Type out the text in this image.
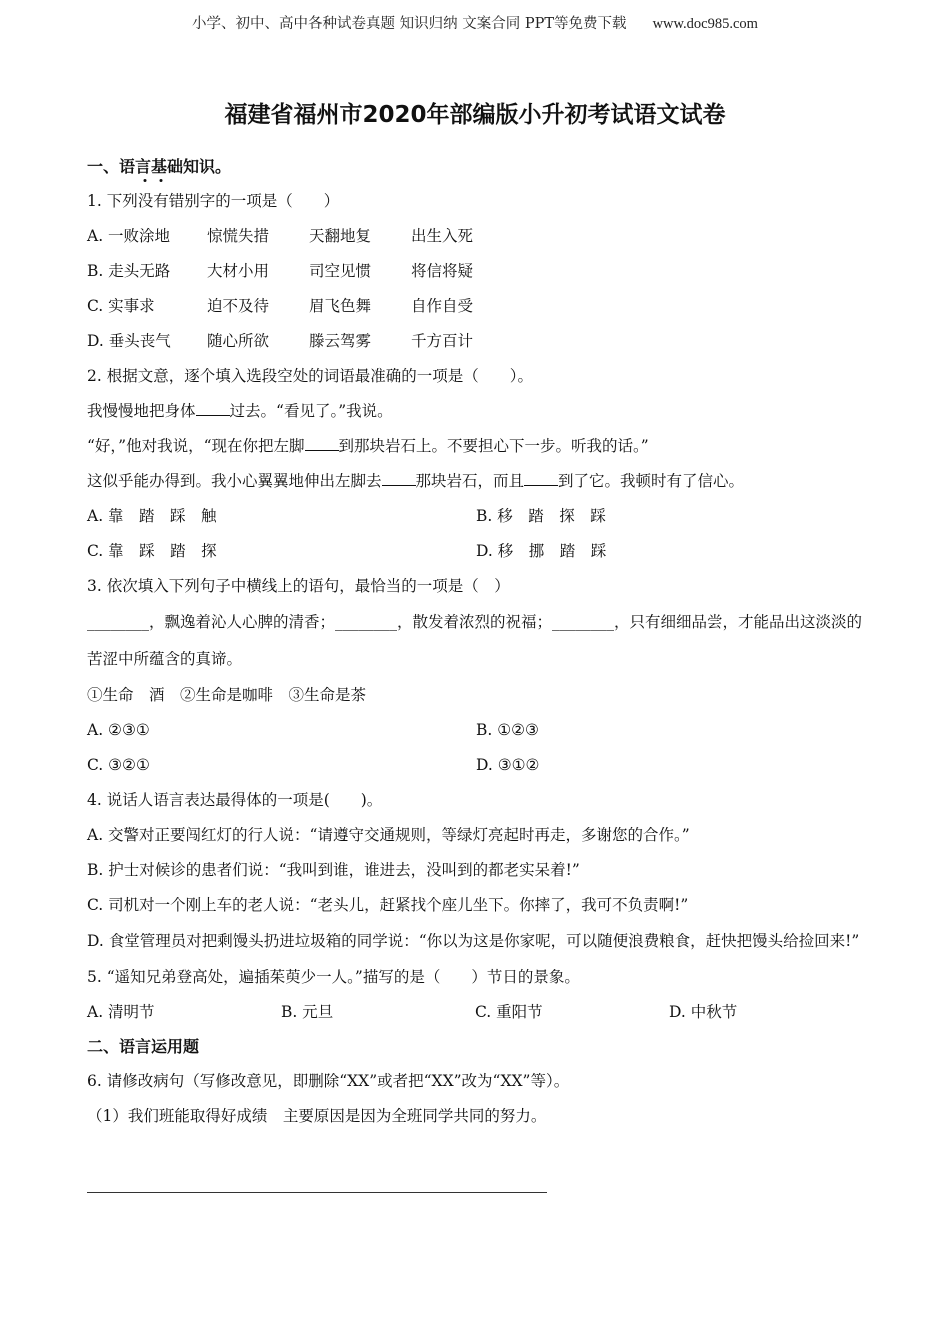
小学、初中、高中各种试卷真题 知识归纳 文案合同 PPT等免费下载 www.doc985.com
福建省福州市2020年部编版小升初考试语文试卷
一、语言基础知识。
1. 下列没有错别字的一项是（　　）
A. 一败涂地	惊慌失措	天翻地复	出生入死
B. 走头无路	大材小用	司空见惯	将信将疑
C. 实事求	迫不及待	眉飞色舞	自作自受
D. 垂头丧气	随心所欲	滕云驾雾	千方百计
2. 根据文意，逐个填入选段空处的词语最准确的一项是（　　）。
我慢慢地把身体 过去。“看见了。”我说。
“好，”他对我说，“现在你把左脚 到那块岩石上。不要担心下一步。听我的话。”
这似乎能办得到。我小心翼翼地伸出左脚去 那块岩石，而且 到了它。我顿时有了信心。
A. 靠　踏　踩　触	B. 移　踏　探　踩
C. 靠　踩　踏　探	D. 移　挪　踏　踩
3. 依次填入下列句子中横线上的语句，最恰当的一项是（　）
________，飘逸着沁人心脾的清香；________，散发着浓烈的祝福；________，只有细细品尝，才能品出这淡淡的苦涩中所蕴含的真谛。
①生命　酒　②生命是咖啡　③生命是茶
A. ②③①	B. ①②③
C. ③②①	D. ③①②
4. 说话人语言表达最得体的一项是(　　)。
A. 交警对正要闯红灯的行人说：“请遵守交通规则，等绿灯亮起时再走，多谢您的合作。”
B. 护士对候诊的患者们说：“我叫到谁，谁进去，没叫到的都老实呆着!”
C. 司机对一个刚上车的老人说：“老头儿，赶紧找个座儿坐下。你摔了，我可不负责啊!”
D. 食堂管理员对把剩馒头扔进垃圾箱的同学说：“你以为这是你家呢，可以随便浪费粮食，赶快把馒头给捡回来!”
5. “遥知兄弟登高处，遍插茱萸少一人。”描写的是（　　）节日的景象。
A. 清明节	B. 元旦	C. 重阳节	D. 中秋节
二、语言运用题
6. 请修改病句（写修改意见，即删除“XX”或者把“XX”改为“XX”等）。
（1）我们班能取得好成绩　主要原因是因为全班同学共同的努力。
